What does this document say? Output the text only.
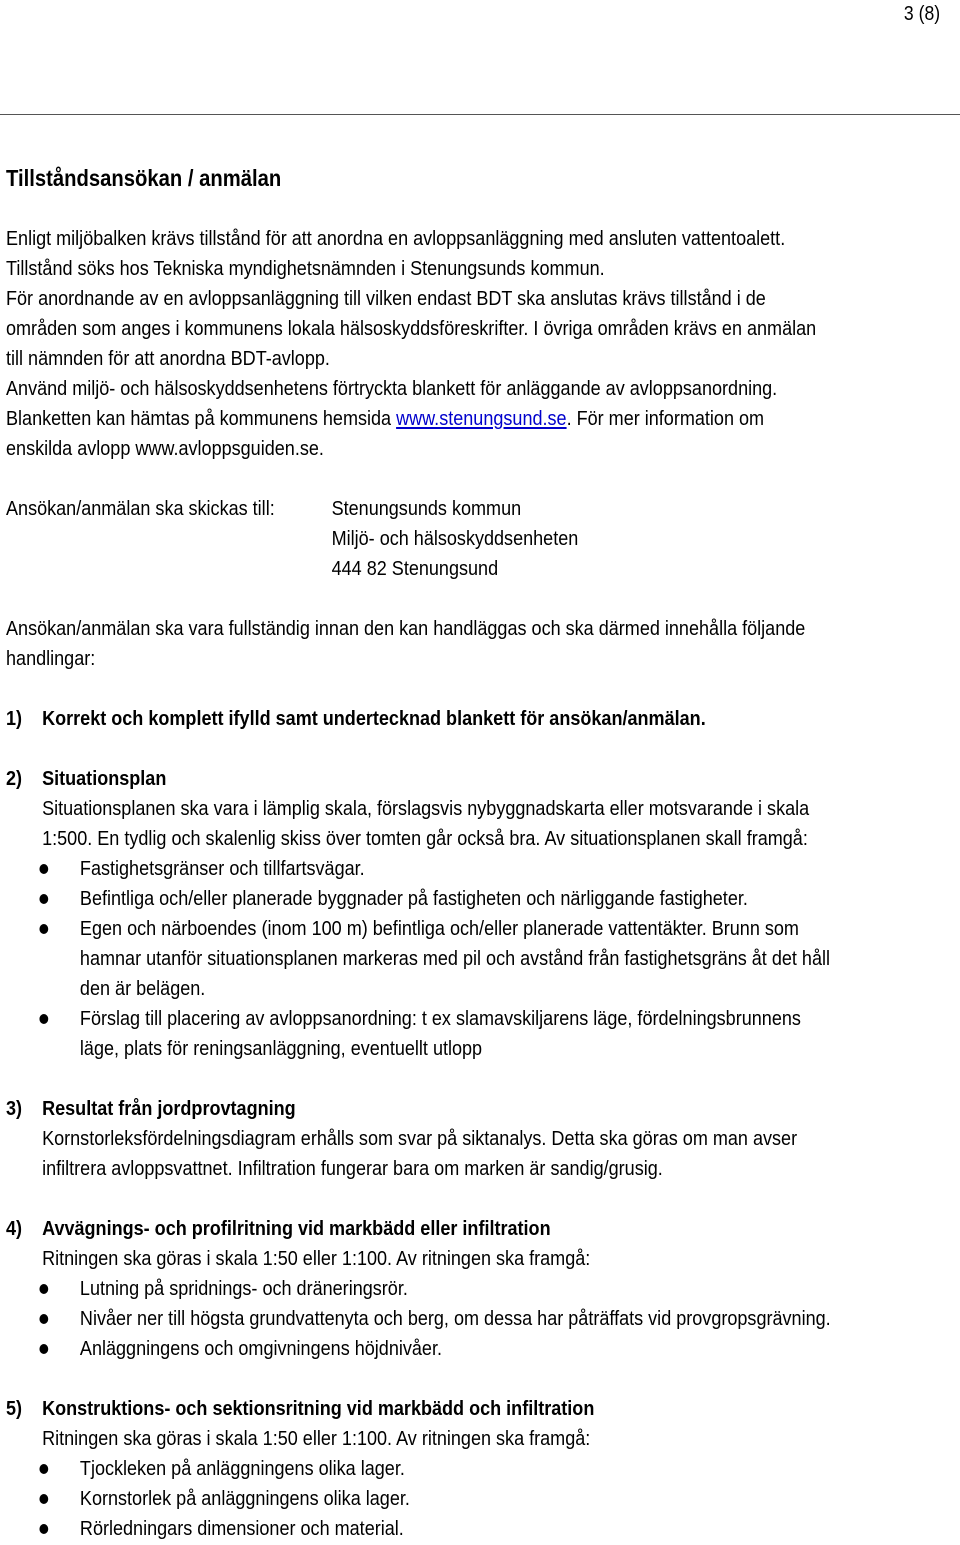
3 (8)
Tillståndsansökan / anmälan
Enligt miljöbalken krävs tillstånd för att anordna en avloppsanläggning med ansluten vattentoalett.
Tillstånd söks hos Tekniska myndighetsnämnden i Stenungsunds kommun.
För anordnande av en avloppsanläggning till vilken endast BDT ska anslutas krävs tillstånd i de
områden som anges i kommunens lokala hälsoskyddsföreskrifter. I övriga områden krävs en anmälan
till nämnden för att anordna BDT-avlopp.
Använd miljö- och hälsoskyddsenhetens förtryckta blankett för anläggande av avloppsanordning.
Blanketten kan hämtas på kommunens hemsida www.stenungsund.se. För mer information om
enskilda avlopp www.avloppsguiden.se.
Ansökan/anmälan ska skickas till:	Stenungsunds kommun
Miljö- och hälsoskyddsenheten
444 82 Stenungsund
Ansökan/anmälan ska vara fullständig innan den kan handläggas och ska därmed innehålla följande
handlingar:
1) Korrekt och komplett ifylld samt undertecknad blankett för ansökan/anmälan.
2) Situationsplan
Situationsplanen ska vara i lämplig skala, förslagsvis nybyggnadskarta eller motsvarande i skala
1:500. En tydlig och skalenlig skiss över tomten går också bra. Av situationsplanen skall framgå:
Fastighetsgränser och tillfartsvägar.
Befintliga och/eller planerade byggnader på fastigheten och närliggande fastigheter.
Egen och närboendes (inom 100 m) befintliga och/eller planerade vattentäkter. Brunn som
hamnar utanför situationsplanen markeras med pil och avstånd från fastighetsgräns åt det håll
den är belägen.
Förslag till placering av avloppsanordning: t ex slamavskiljarens läge, fördelningsbrunnens
läge, plats för reningsanläggning, eventuellt utlopp
3) Resultat från jordprovtagning
Kornstorleksfördelningsdiagram erhålls som svar på siktanalys. Detta ska göras om man avser
infiltrera avloppsvattnet. Infiltration fungerar bara om marken är sandig/grusig.
4) Avvägnings- och profilritning vid markbädd eller infiltration
Ritningen ska göras i skala 1:50 eller 1:100. Av ritningen ska framgå:
Lutning på spridnings- och dräneringsrör.
Nivåer ner till högsta grundvattenyta och berg, om dessa har påträffats vid provgropsgrävning.
Anläggningens och omgivningens höjdnivåer.
5) Konstruktions- och sektionsritning vid markbädd och infiltration
Ritningen ska göras i skala 1:50 eller 1:100. Av ritningen ska framgå:
Tjockleken på anläggningens olika lager.
Kornstorlek på anläggningens olika lager.
Rörledningars dimensioner och material.
